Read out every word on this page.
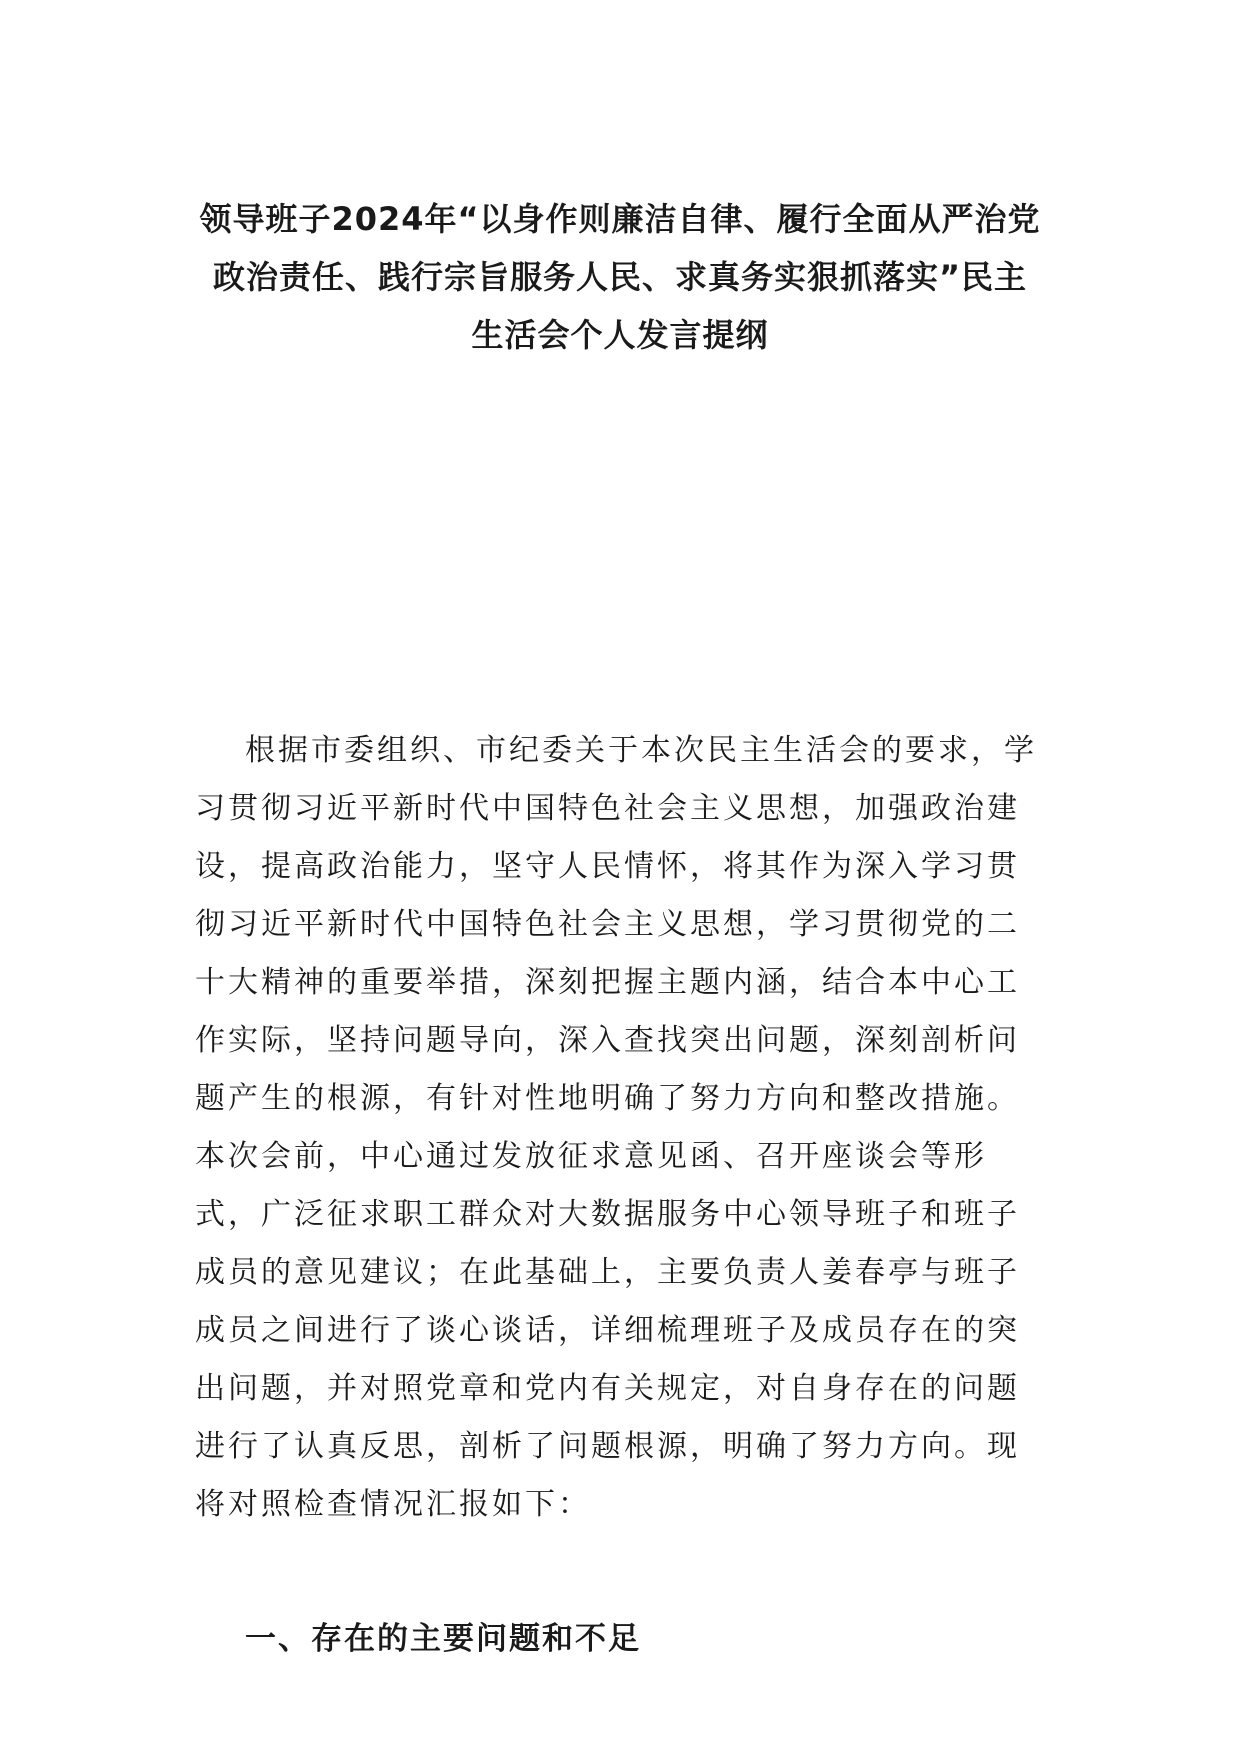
领导班子2024年“以身作则廉洁自律、履行全面从严治党
政治责任、践行宗旨服务人民、求真务实狠抓落实”民主
生活会个人发言提纲
根据市委组织、市纪委关于本次民主生活会的要求，学
习贯彻习近平新时代中国特色社会主义思想，加强政治建
设，提高政治能力，坚守人民情怀，将其作为深入学习贯
彻习近平新时代中国特色社会主义思想，学习贯彻党的二
十大精神的重要举措，深刻把握主题内涵，结合本中心工
作实际，坚持问题导向，深入查找突出问题，深刻剖析问
题产生的根源，有针对性地明确了努力方向和整改措施。
本次会前，中心通过发放征求意见函、召开座谈会等形
式，广泛征求职工群众对大数据服务中心领导班子和班子
成员的意见建议；在此基础上，主要负责人姜春亭与班子
成员之间进行了谈心谈话，详细梳理班子及成员存在的突
出问题，并对照党章和党内有关规定，对自身存在的问题
进行了认真反思，剖析了问题根源，明确了努力方向。现
将对照检查情况汇报如下：
一、存在的主要问题和不足
